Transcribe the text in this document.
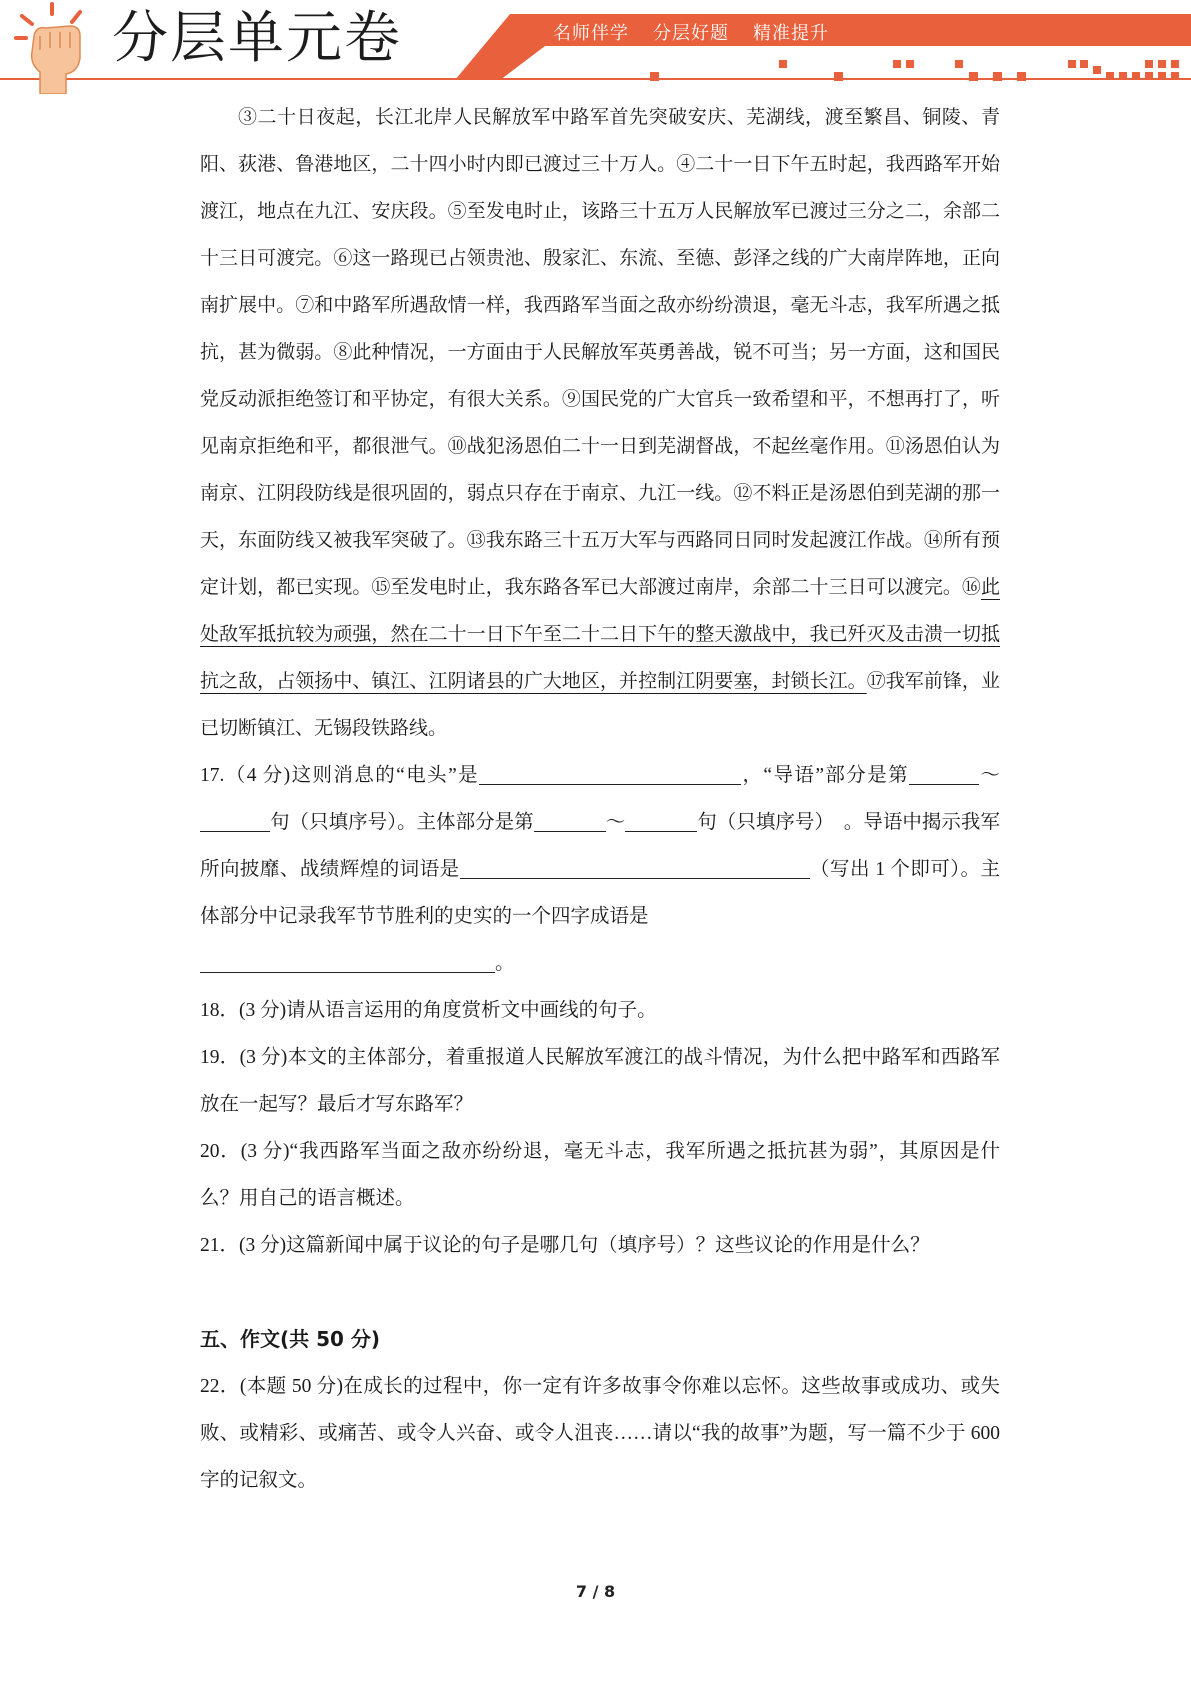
分层单元卷	名师伴学 分层好题 精准提升

③二十日夜起，长江北岸人民解放军中路军首先突破安庆、芜湖线，渡至繁昌、铜陵、青阳、荻港、鲁港地区，二十四小时内即已渡过三十万人。④二十一日下午五时起，我西路军开始渡江，地点在九江、安庆段。⑤至发电时止，该路三十五万人民解放军已渡过三分之二，余部二十三日可渡完。⑥这一路现已占领贵池、殷家汇、东流、至德、彭泽之线的广大南岸阵地，正向南扩展中。⑦和中路军所遇敌情一样，我西路军当面之敌亦纷纷溃退，毫无斗志，我军所遇之抵抗，甚为微弱。⑧此种情况，一方面由于人民解放军英勇善战，锐不可当；另一方面，这和国民党反动派拒绝签订和平协定，有很大关系。⑨国民党的广大官兵一致希望和平，不想再打了，听见南京拒绝和平，都很泄气。⑩战犯汤恩伯二十一日到芜湖督战，不起丝毫作用。⑪汤恩伯认为南京、江阴段防线是很巩固的，弱点只存在于南京、九江一线。⑫不料正是汤恩伯到芜湖的那一天，东面防线又被我军突破了。⑬我东路三十五万大军与西路同日同时发起渡江作战。⑭所有预定计划，都已实现。⑮至发电时止，我东路各军已大部渡过南岸，余部二十三日可以渡完。⑯此处敌军抵抗较为顽强，然在二十一日下午至二十二日下午的整天激战中，我已歼灭及击溃一切抵抗之敌，占领扬中、镇江、江阴诸县的广大地区，并控制江阴要塞，封锁长江。⑰我军前锋，业已切断镇江、无锡段铁路线。

17.（4 分)这则消息的“电头”是	，“导语”部分是第	～句（只填序号）。主体部分是第	～	句（只填序号）　。导语中揭示我军所向披靡、战绩辉煌的词语是	（写出 1 个即可）。主体部分中记录我军节节胜利的史实的一个四字成语是
。

18．(3 分)请从语言运用的角度赏析文中画线的句子。

19．(3 分)本文的主体部分，着重报道人民解放军渡江的战斗情况，为什么把中路军和西路军放在一起写？最后才写东路军？

20．(3 分)“我西路军当面之敌亦纷纷退，毫无斗志，我军所遇之抵抗甚为弱”，其原因是什么？用自己的语言概述。

21．(3 分)这篇新闻中属于议论的句子是哪几句（填序号）？这些议论的作用是什么？

五、作文(共 50 分)

22．(本题 50 分)在成长的过程中，你一定有许多故事令你难以忘怀。这些故事或成功、或失败、或精彩、或痛苦、或令人兴奋、或令人沮丧……请以“我的故事”为题，写一篇不少于 600 字的记叙文。

7 / 8
